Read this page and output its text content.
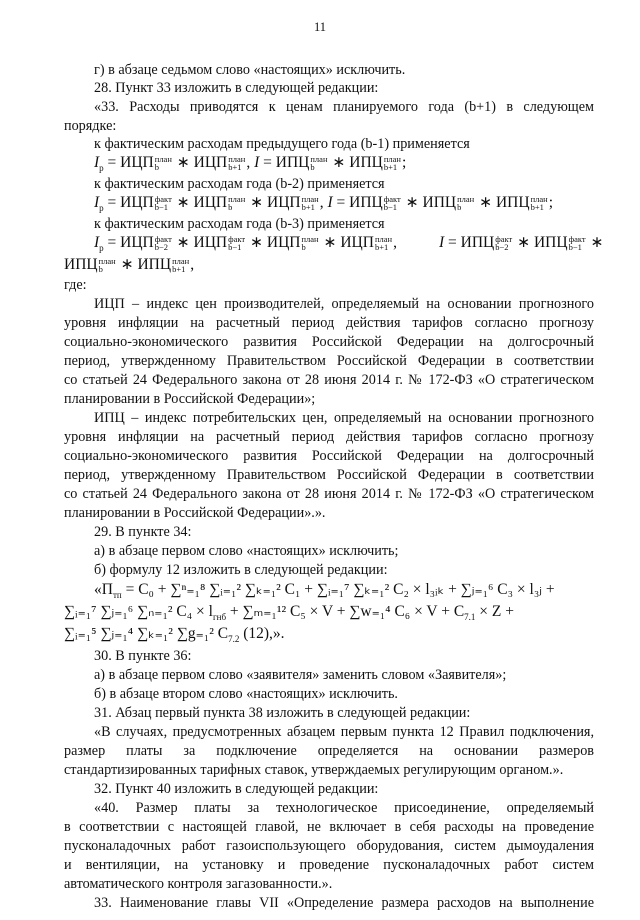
11
г) в абзаце седьмом слово «настоящих» исключить.
28. Пункт 33 изложить в следующей редакции:
«33. Расходы приводятся к ценам планируемого года (b+1) в следующем
порядке:
к фактическим расходам предыдущего года (b-1) применяется
$I_p$ = ИЦП план
b ∗ ИЦП план
b+1 , I = ИПЦ план
b ∗ ИПЦ план
b+1 ;
к фактическим расходам года (b-2) применяется
$I_p$ = ИЦП факт
b−1 ∗ ИЦП план
b ∗ ИЦП план
b+1 , I = ИПЦ факт
b−1 ∗ ИПЦ план
b ∗ ИПЦ план
b+1 ;
к фактическим расходам года (b-3) применяется
$I_p$ = ИЦП факт
b−2 ∗ ИЦП факт
b−1 ∗ ИЦП план
b ∗ ИЦП план
b+1 ,	I = ИПЦ факт
b−2 ∗ ИПЦ факт
b−1 ∗
ИПЦ план
b ∗ ИПЦ план
b+1 ,
где:
ИЦП – индекс цен производителей, определяемый на основании прогнозного
уровня инфляции на расчетный период действия тарифов согласно прогнозу
социально-экономического развития Российской Федерации на долгосрочный
период, утвержденному Правительством Российской Федерации в соответствии
со статьей 24 Федерального закона от 28 июня 2014 г. № 172-ФЗ «О стратегическом
планировании в Российской Федерации»;
ИПЦ – индекс потребительских цен, определяемый на основании прогнозного
уровня инфляции на расчетный период действия тарифов согласно прогнозу
социально-экономического развития Российской Федерации на долгосрочный
период, утвержденному Правительством Российской Федерации в соответствии
со статьей 24 Федерального закона от 28 июня 2014 г. № 172-ФЗ «О стратегическом
планировании в Российской Федерации».».
29. В пункте 34:
а) в абзаце первом слово «настоящих» исключить;
б) формулу 12 изложить в следующей редакции:
«$П_{тп} = C_0 + \sum^n_{=1}^8$ ∑ᵢ₌₁² ∑ₖ₌₁² C₁ + ∑ᵢ₌₁⁷ ∑ₖ₌₁² C₂ × l₃ᵢₖ + ∑ⱼ₌₁⁶ C₃ × l₃ⱼ +
∑ᵢ₌₁⁷ ∑ⱼ₌₁⁶ ∑ₙ₌₁² $C_4 \times l_{гнб} + \sum_{m=1}^{12}$ C₅ × V + ∑w₌₁⁴ $C_6 \times V + C_{7.1} \times Z$ +
∑ᵢ₌₁⁵ ∑ⱼ₌₁⁴ ∑ₖ₌₁² ∑g₌₁² $C_{7.2}$ (12),».
30. В пункте 36:
а) в абзаце первом слово «заявителя» заменить словом «Заявителя»;
б) в абзаце втором слово «настоящих» исключить.
31. Абзац первый пункта 38 изложить в следующей редакции:
«В случаях, предусмотренных абзацем первым пункта 12 Правил подключения,
размер платы за подключение определяется на основании размеров
стандартизированных тарифных ставок, утверждаемых регулирующим органом.».
32. Пункт 40 изложить в следующей редакции:
«40. Размер платы за технологическое присоединение, определяемый
в соответствии с настоящей главой, не включает в себя расходы на проведение
пусконаладочных работ газоиспользующего оборудования, систем дымоудаления
и вентиляции, на установку и проведение пусконаладочных работ систем
автоматического контроля загазованности.».
33. Наименование главы VII «Определение размера расходов на выполнение
